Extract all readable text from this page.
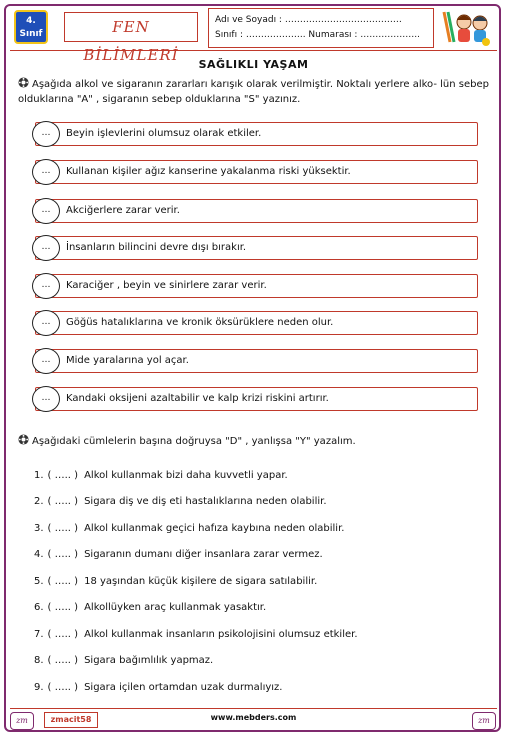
4.
Sınıf	FEN BİLİMLERİ
Adı ve Soyadı : …………………………………
Sınıfı : ……………….. Numarası : ………………..
SAĞLIKLI YAŞAM
Aşağıda alkol ve sigaranın zararları karışık olarak verilmiştir. Noktalı yerlere alko- lün sebep olduklarına "A" , sigaranın sebep olduklarına "S" yazınız.
…	Beyin işlevlerini olumsuz olarak etkiler.
…	Kullanan kişiler ağız kanserine yakalanma riski yüksektir.
…	Akciğerlere zarar verir.
…	İnsanların bilincini devre dışı bırakır.
…	Karaciğer , beyin ve sinirlere zarar verir.
…	Göğüs hatalıklarına ve kronik öksürüklere neden olur.
…	Mide yaralarına yol açar.
…	Kandaki oksijeni azaltabilir ve kalp krizi riskini artırır.
Aşağıdaki cümlelerin başına doğruysa "D" , yanlışsa "Y" yazalım.
1. ( ….. ) Alkol kullanmak bizi daha kuvvetli yapar.
2. ( ….. ) Sigara diş ve diş eti hastalıklarına neden olabilir.
3. ( ….. ) Alkol kullanmak geçici hafıza kaybına neden olabilir.
4. ( ….. ) Sigaranın dumanı diğer insanlara zarar vermez.
5. ( ….. ) 18 yaşından küçük kişilere de sigara satılabilir.
6. ( ….. ) Alkollüyken araç kullanmak yasaktır.
7. ( ….. ) Alkol kullanmak insanların psikolojisini olumsuz etkiler.
8. ( ….. ) Sigara bağımlılık yapmaz.
9. ( ….. ) Sigara içilen ortamdan uzak durmalıyız.
zm	zmacit58	www.mebders.com	zm
